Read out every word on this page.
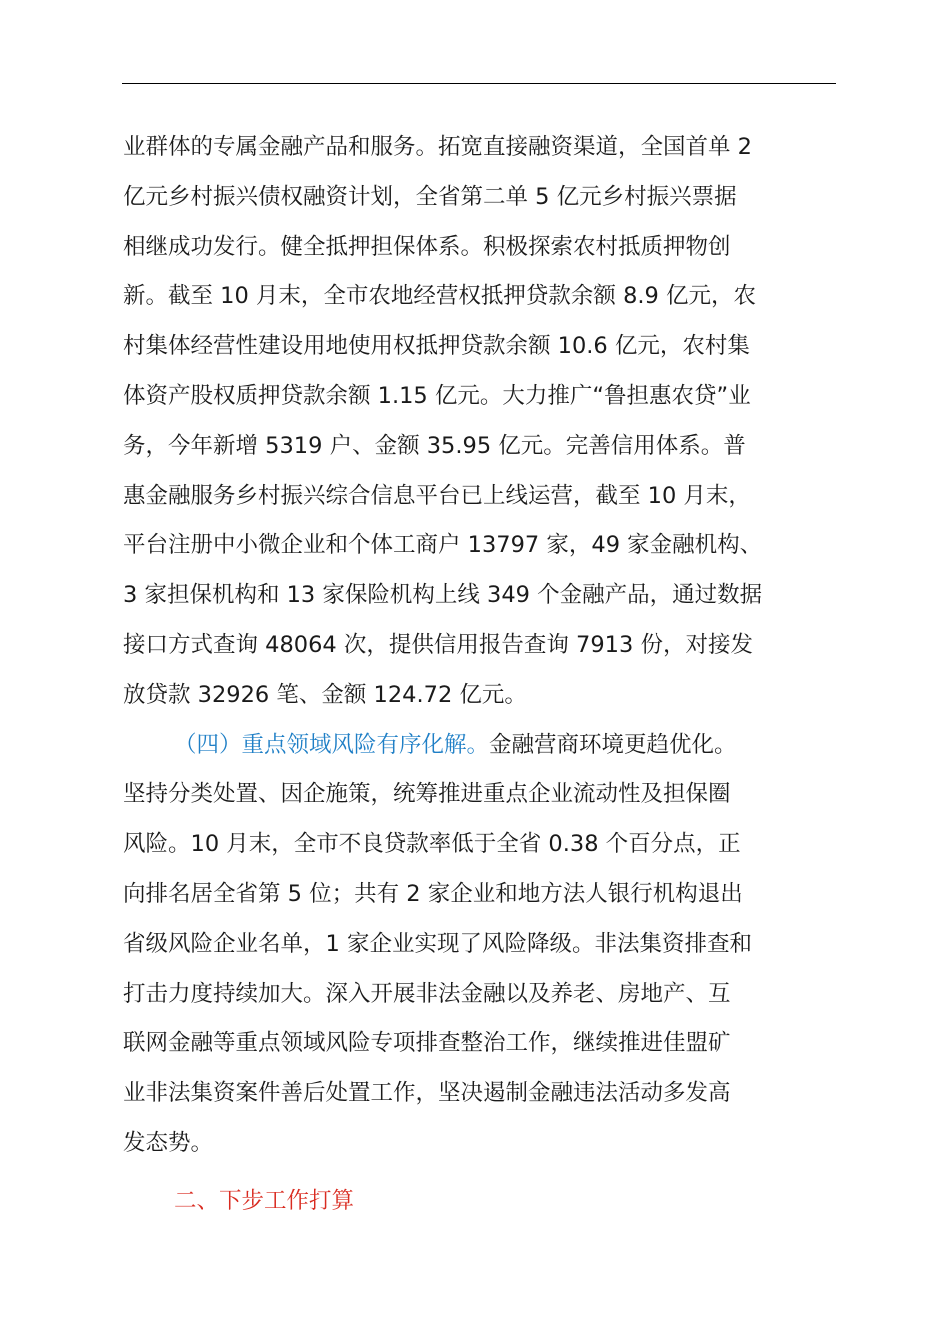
业群体的专属金融产品和服务。拓宽直接融资渠道，全国首单 2
亿元乡村振兴债权融资计划，全省第二单 5 亿元乡村振兴票据
相继成功发行。健全抵押担保体系。积极探索农村抵质押物创
新。截至 10 月末，全市农地经营权抵押贷款余额 8.9 亿元，农
村集体经营性建设用地使用权抵押贷款余额 10.6 亿元，农村集
体资产股权质押贷款余额 1.15 亿元。大力推广“鲁担惠农贷”业
务，今年新增 5319 户、金额 35.95 亿元。完善信用体系。普
惠金融服务乡村振兴综合信息平台已上线运营，截至 10 月末，
平台注册中小微企业和个体工商户 13797 家，49 家金融机构、
3 家担保机构和 13 家保险机构上线 349 个金融产品，通过数据
接口方式查询 48064 次，提供信用报告查询 7913 份，对接发
放贷款 32926 笔、金额 124.72 亿元。
（四）重点领域风险有序化解。金融营商环境更趋优化。
坚持分类处置、因企施策，统筹推进重点企业流动性及担保圈
风险。10 月末，全市不良贷款率低于全省 0.38 个百分点，正
向排名居全省第 5 位；共有 2 家企业和地方法人银行机构退出
省级风险企业名单，1 家企业实现了风险降级。非法集资排查和
打击力度持续加大。深入开展非法金融以及养老、房地产、互
联网金融等重点领域风险专项排查整治工作，继续推进佳盟矿
业非法集资案件善后处置工作，坚决遏制金融违法活动多发高
发态势。
二、下步工作打算
